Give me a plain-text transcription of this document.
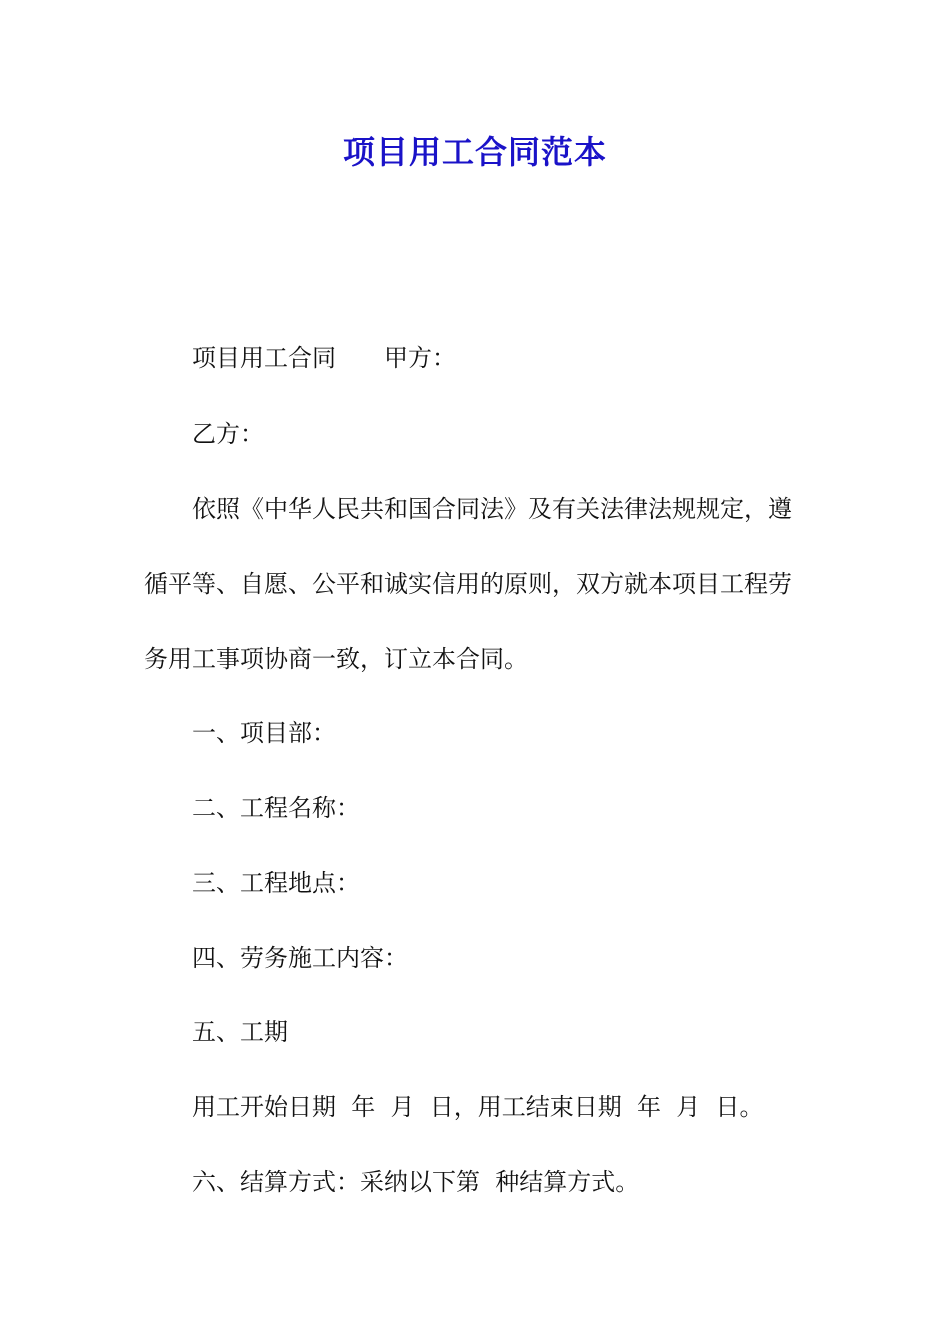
项目用工合同范本
项目用工合同　　甲方：
乙方：
依照《中华人民共和国合同法》及有关法律法规规定，遵
循平等、自愿、公平和诚实信用的原则，双方就本项目工程劳
务用工事项协商一致，订立本合同。
一、项目部：
二、工程名称：
三、工程地点：
四、劳务施工内容：
五、工期
用工开始日期  年  月  日，用工结束日期  年  月  日。
六、结算方式：采纳以下第  种结算方式。
